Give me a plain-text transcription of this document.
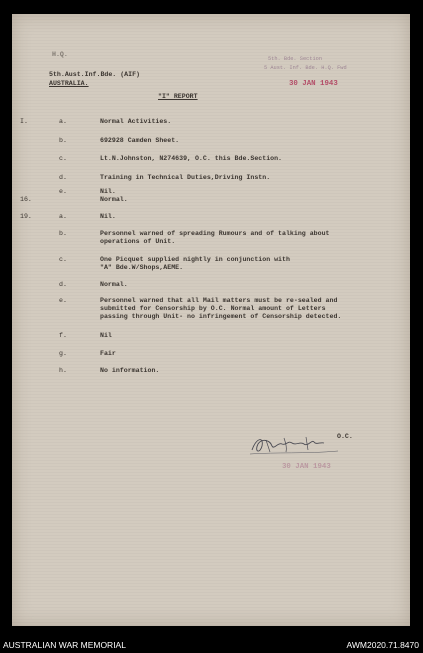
H.Q.
5th.Aust.Inf.Bde. (AIF)
AUSTRALIA.
5th. Bde. Section
5 Aust. Inf. Bde. H.Q. Fwd
30 JAN 1943
"I" REPORT
I.	a.	Normal Activities.
b.	692928 Camden Sheet.
c.	Lt.N.Johnston, N274639, O.C. this Bde.Section.
d.	Training in Technical Duties,Driving Instn.
e.	Nil.
16.	Normal.
19.	a.	Nil.
b.	Personnel warned of spreading Rumours and of talking about
operations of Unit.
c.	One Picquet supplied nightly in conjunction with
"A" Bde.W/Shops,AEME.
d.	Normal.
e.	Personnel warned that all Mail matters must be re-sealed and
submitted for Censorship by O.C. Normal amount of Letters
passing through Unit- no infringement of Censorship detected.
f.	Nil
g.	Fair
h.	No information.
O.C.
30 JAN 1943
AUSTRALIAN WAR MEMORIAL	AWM2020.71.8470
